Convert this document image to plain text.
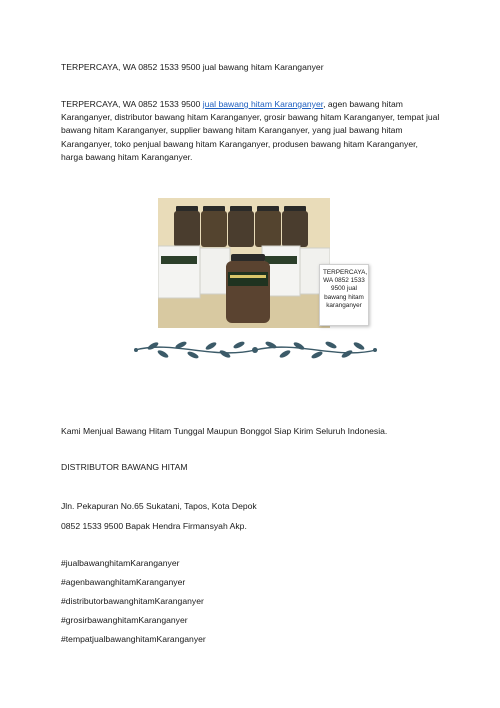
TERPERCAYA, WA 0852 1533 9500 jual bawang hitam Karanganyer
TERPERCAYA, WA 0852 1533 9500 jual bawang hitam Karanganyer, agen bawang hitam Karanganyer, distributor bawang hitam Karanganyer, grosir bawang hitam Karanganyer, tempat jual bawang hitam Karanganyer, supplier bawang hitam Karanganyer, yang jual bawang hitam Karanganyer, toko penjual bawang hitam Karanganyer, produsen bawang hitam Karanganyer, harga bawang hitam Karanganyer.
TERPERCAYA, WA 0852 1533 9500 jual bawang hitam karanganyer
Kami Menjual Bawang Hitam Tunggal Maupun Bonggol Siap Kirim Seluruh Indonesia.
DISTRIBUTOR BAWANG HITAM
Jln. Pekapuran No.65 Sukatani, Tapos, Kota Depok
0852 1533 9500 Bapak Hendra Firmansyah Akp.
#jualbawanghitamKaranganyer
#agenbawanghitamKaranganyer
#distributorbawanghitamKaranganyer
#grosirbawanghitamKaranganyer
#tempatjualbawanghitamKaranganyer
